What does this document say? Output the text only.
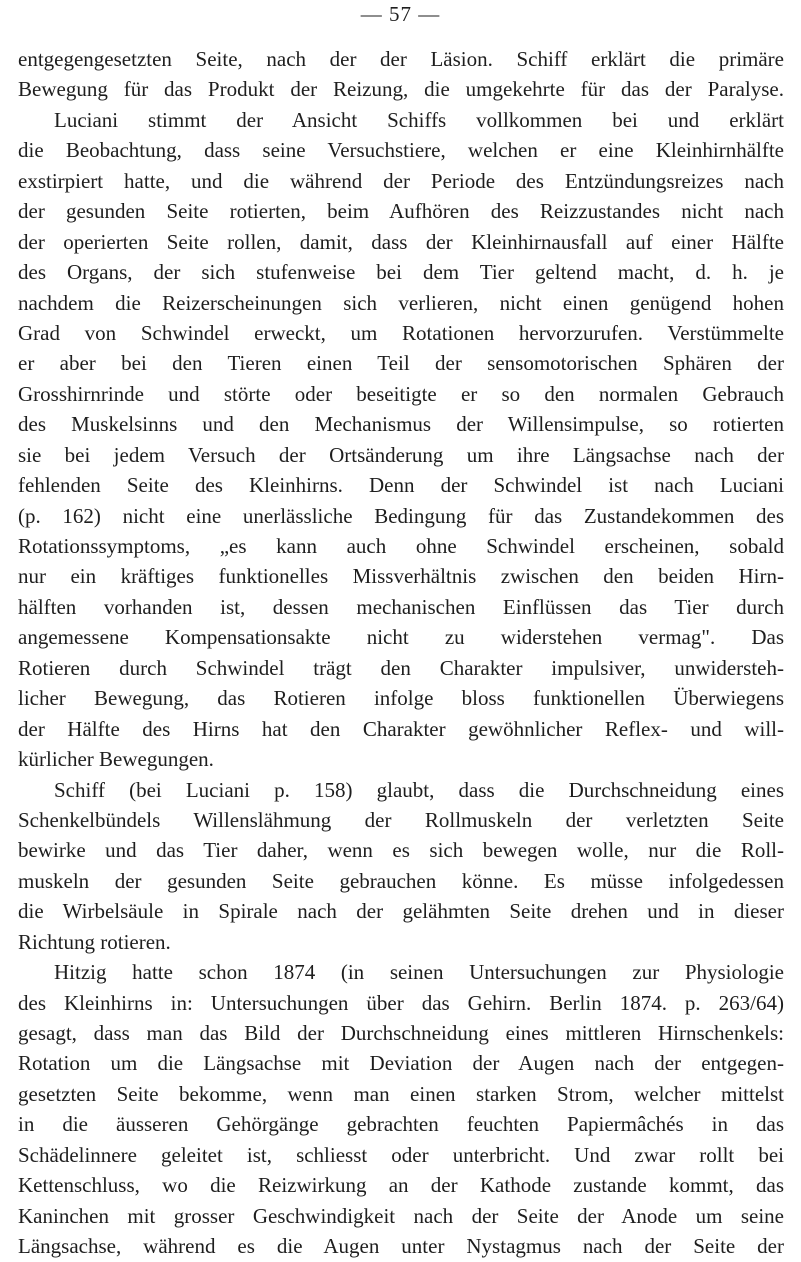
— 57 —
entgegengesetzten Seite, nach der der Läsion. Schiff erklärt die primäre
Bewegung für das Produkt der Reizung, die umgekehrte für das der Paralyse.
Luciani stimmt der Ansicht Schiffs vollkommen bei und erklärt
die Beobachtung, dass seine Versuchstiere, welchen er eine Kleinhirnhälfte
exstirpiert hatte, und die während der Periode des Entzündungsreizes nach
der gesunden Seite rotierten, beim Aufhören des Reizzustandes nicht nach
der operierten Seite rollen, damit, dass der Kleinhirnausfall auf einer Hälfte
des Organs, der sich stufenweise bei dem Tier geltend macht, d. h. je
nachdem die Reizerscheinungen sich verlieren, nicht einen genügend hohen
Grad von Schwindel erweckt, um Rotationen hervorzurufen. Verstümmelte
er aber bei den Tieren einen Teil der sensomotorischen Sphären der
Grosshirnrinde und störte oder beseitigte er so den normalen Gebrauch
des Muskelsinns und den Mechanismus der Willensimpulse, so rotierten
sie bei jedem Versuch der Ortsänderung um ihre Längsachse nach der
fehlenden Seite des Kleinhirns. Denn der Schwindel ist nach Luciani
(p. 162) nicht eine unerlässliche Bedingung für das Zustandekommen des
Rotationssymptoms, „es kann auch ohne Schwindel erscheinen, sobald
nur ein kräftiges funktionelles Missverhältnis zwischen den beiden Hirn-
hälften vorhanden ist, dessen mechanischen Einflüssen das Tier durch
angemessene Kompensationsakte nicht zu widerstehen vermag". Das
Rotieren durch Schwindel trägt den Charakter impulsiver, unwidersteh-
licher Bewegung, das Rotieren infolge bloss funktionellen Überwiegens
der Hälfte des Hirns hat den Charakter gewöhnlicher Reflex- und will-
kürlicher Bewegungen.
Schiff (bei Luciani p. 158) glaubt, dass die Durchschneidung eines
Schenkelbündels Willenslähmung der Rollmuskeln der verletzten Seite
bewirke und das Tier daher, wenn es sich bewegen wolle, nur die Roll-
muskeln der gesunden Seite gebrauchen könne. Es müsse infolgedessen
die Wirbelsäule in Spirale nach der gelähmten Seite drehen und in dieser
Richtung rotieren.
Hitzig hatte schon 1874 (in seinen Untersuchungen zur Physiologie
des Kleinhirns in: Untersuchungen über das Gehirn. Berlin 1874. p. 263/64)
gesagt, dass man das Bild der Durchschneidung eines mittleren Hirnschenkels:
Rotation um die Längsachse mit Deviation der Augen nach der entgegen-
gesetzten Seite bekomme, wenn man einen starken Strom, welcher mittelst
in die äusseren Gehörgänge gebrachten feuchten Papiermâchés in das
Schädelinnere geleitet ist, schliesst oder unterbricht. Und zwar rollt bei
Kettenschluss, wo die Reizwirkung an der Kathode zustande kommt, das
Kaninchen mit grosser Geschwindigkeit nach der Seite der Anode um seine
Längsachse, während es die Augen unter Nystagmus nach der Seite der
